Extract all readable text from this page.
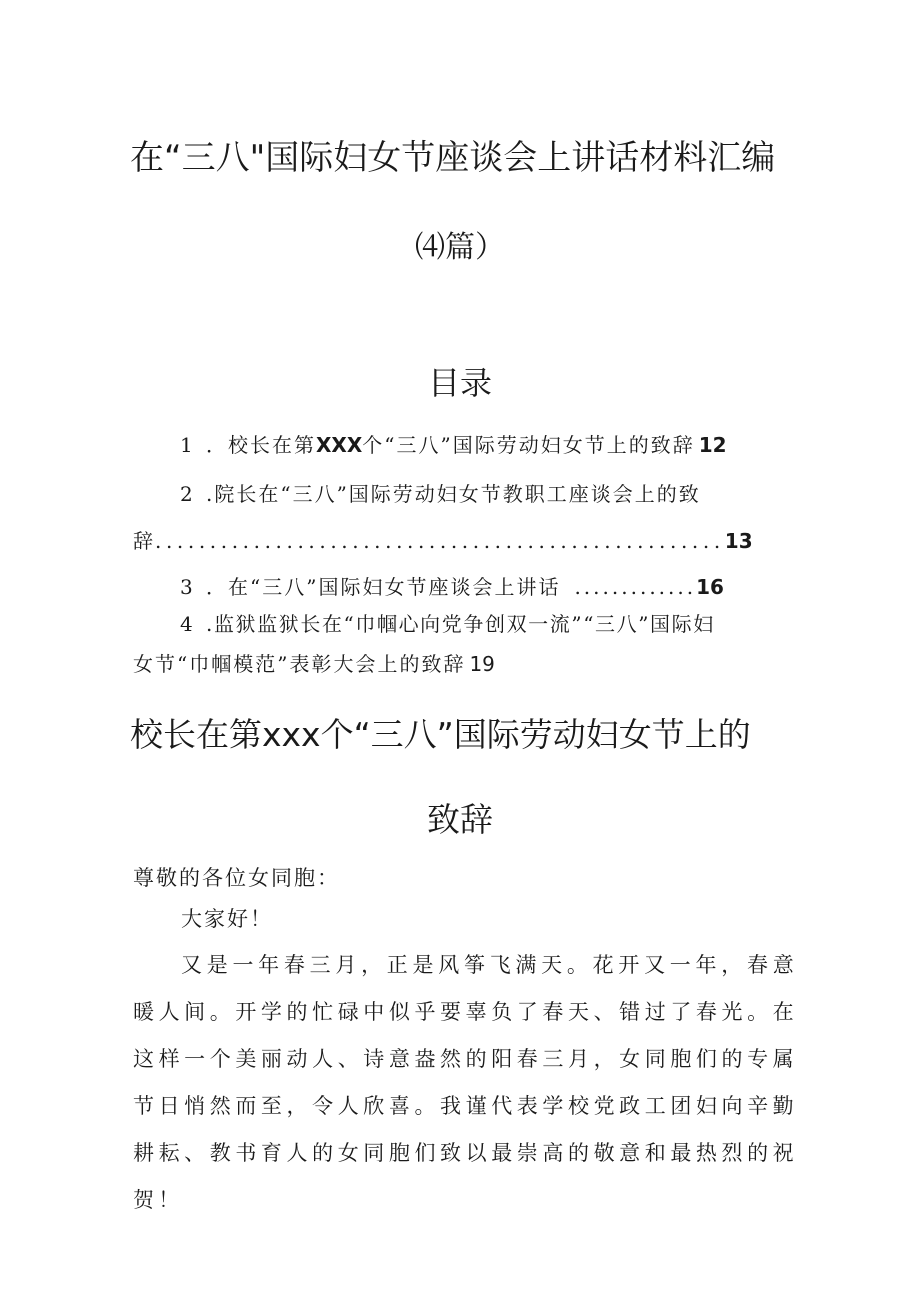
在“三八"国际妇女节座谈会上讲话材料汇编
⑷篇）
目录
1 ．校长在第XXX个“三八”国际劳动妇女节上的致辞 12
2 .院长在“三八”国际劳动妇女节教职工座谈会上的致
辞....................................................13
3 ．在“三八”国际妇女节座谈会上讲话 .............16
4 .监狱监狱长在“巾帼心向党争创双一流”“三八”国际妇
女节“巾帼模范”表彰大会上的致辞 19
校长在第xxx个“三八”国际劳动妇女节上的
致辞
尊敬的各位女同胞：
大家好！
又是一年春三月，正是风筝飞满天。花开又一年，春意暖人间。开学的忙碌中似乎要辜负了春天、错过了春光。在这样一个美丽动人、诗意盎然的阳春三月，女同胞们的专属节日悄然而至，令人欣喜。我谨代表学校党政工团妇向辛勤耕耘、教书育人的女同胞们致以最崇高的敬意和最热烈的祝贺！
